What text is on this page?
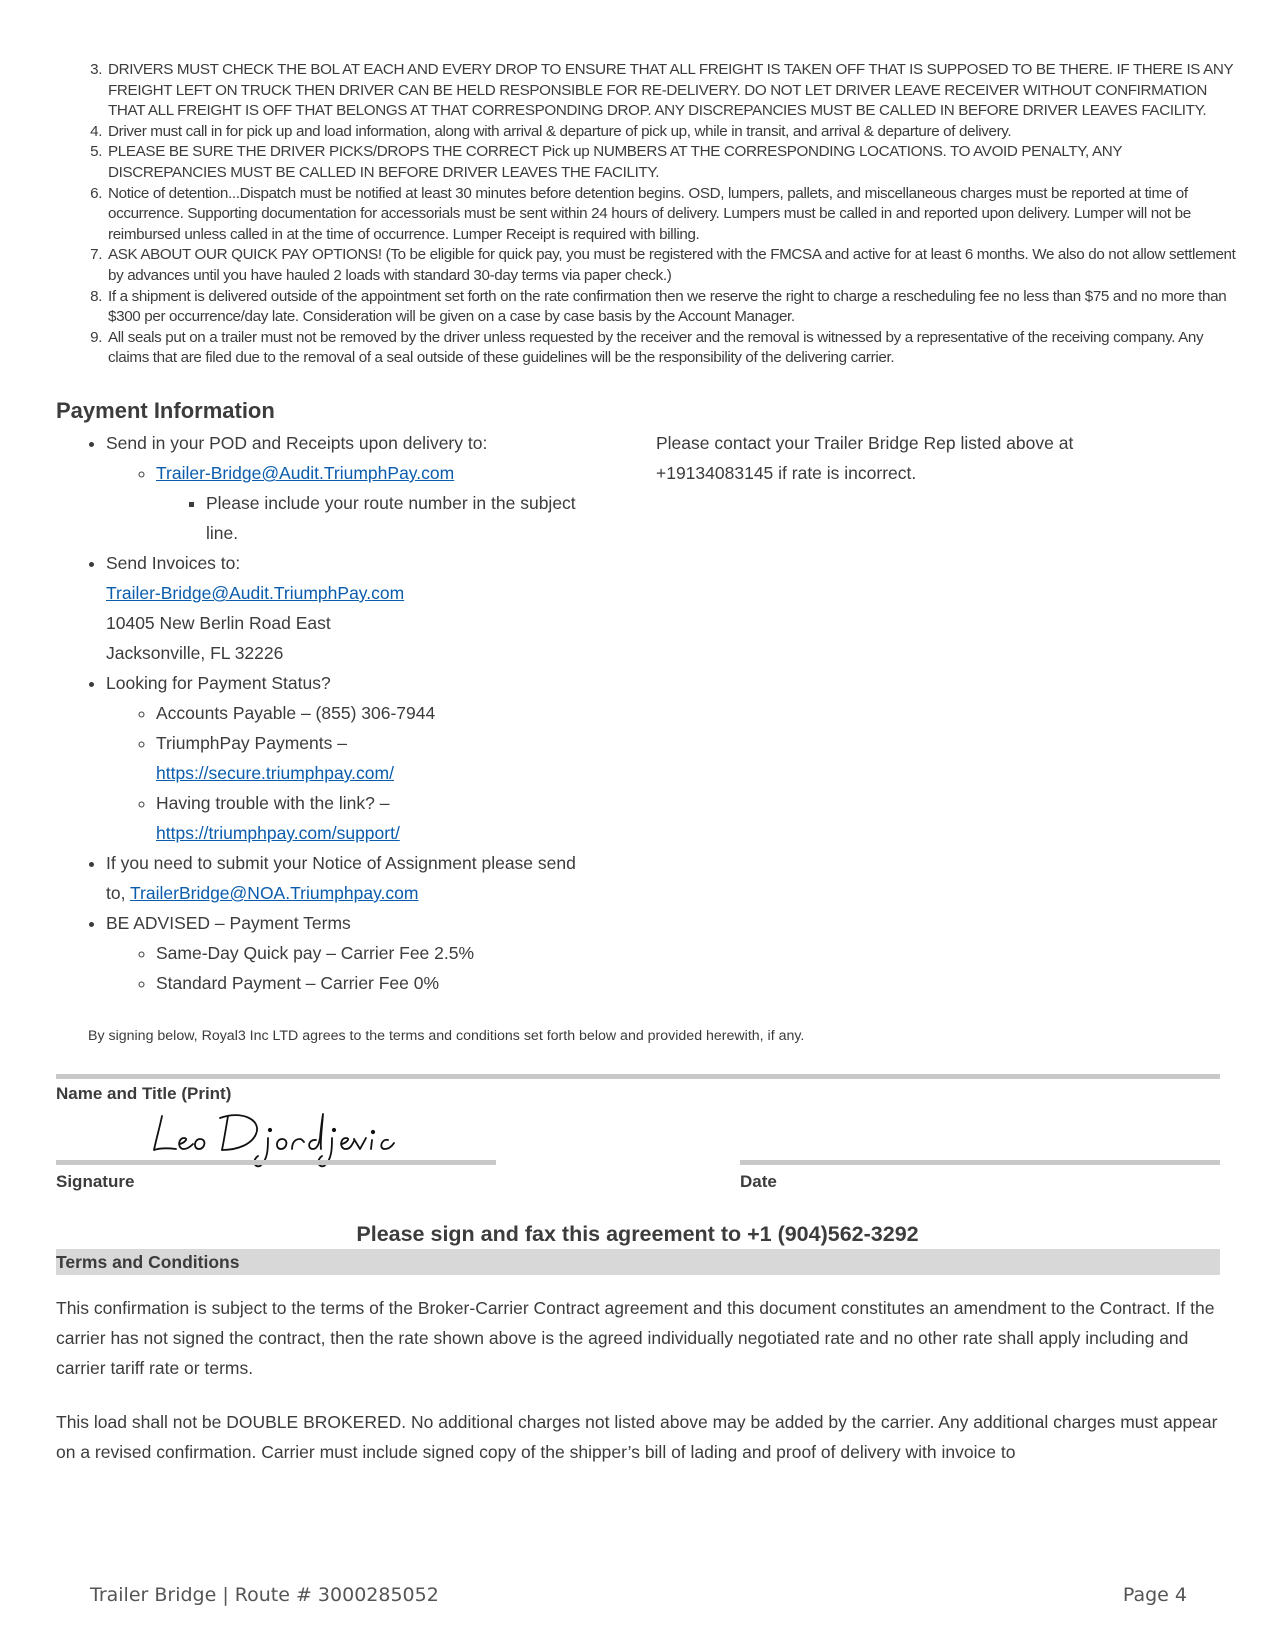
3. DRIVERS MUST CHECK THE BOL AT EACH AND EVERY DROP TO ENSURE THAT ALL FREIGHT IS TAKEN OFF THAT IS SUPPOSED TO BE THERE. IF THERE IS ANY FREIGHT LEFT ON TRUCK THEN DRIVER CAN BE HELD RESPONSIBLE FOR RE-DELIVERY. DO NOT LET DRIVER LEAVE RECEIVER WITHOUT CONFIRMATION THAT ALL FREIGHT IS OFF THAT BELONGS AT THAT CORRESPONDING DROP. ANY DISCREPANCIES MUST BE CALLED IN BEFORE DRIVER LEAVES FACILITY.
4. Driver must call in for pick up and load information, along with arrival & departure of pick up, while in transit, and arrival & departure of delivery.
5. PLEASE BE SURE THE DRIVER PICKS/DROPS THE CORRECT Pick up NUMBERS AT THE CORRESPONDING LOCATIONS. TO AVOID PENALTY, ANY DISCREPANCIES MUST BE CALLED IN BEFORE DRIVER LEAVES THE FACILITY.
6. Notice of detention...Dispatch must be notified at least 30 minutes before detention begins. OSD, lumpers, pallets, and miscellaneous charges must be reported at time of occurrence. Supporting documentation for accessorials must be sent within 24 hours of delivery. Lumpers must be called in and reported upon delivery. Lumper will not be reimbursed unless called in at the time of occurrence. Lumper Receipt is required with billing.
7. ASK ABOUT OUR QUICK PAY OPTIONS! (To be eligible for quick pay, you must be registered with the FMCSA and active for at least 6 months. We also do not allow settlement by advances until you have hauled 2 loads with standard 30-day terms via paper check.)
8. If a shipment is delivered outside of the appointment set forth on the rate confirmation then we reserve the right to charge a rescheduling fee no less than $75 and no more than $300 per occurrence/day late. Consideration will be given on a case by case basis by the Account Manager.
9. All seals put on a trailer must not be removed by the driver unless requested by the receiver and the removal is witnessed by a representative of the receiving company. Any claims that are filed due to the removal of a seal outside of these guidelines will be the responsibility of the delivering carrier.
Payment Information
• Send in your POD and Receipts upon delivery to:
◦ Trailer-Bridge@Audit.TriumphPay.com
▪ Please include your route number in the subject line.
• Send Invoices to:
Trailer-Bridge@Audit.TriumphPay.com
10405 New Berlin Road East
Jacksonville, FL 32226
• Looking for Payment Status?
◦ Accounts Payable – (855) 306-7944
◦ TriumphPay Payments –
https://secure.triumphpay.com/
◦ Having trouble with the link? –
https://triumphpay.com/support/
• If you need to submit your Notice of Assignment please send
to, TrailerBridge@NOA.Triumphpay.com
• BE ADVISED – Payment Terms
◦ Same-Day Quick pay – Carrier Fee 2.5%
◦ Standard Payment – Carrier Fee 0%
Please contact your Trailer Bridge Rep listed above at
+19134083145 if rate is incorrect.
By signing below, Royal3 Inc LTD agrees to the terms and conditions set forth below and provided herewith, if any.
Name and Title (Print)
Signature	Date
Please sign and fax this agreement to +1 (904)562-3292
Terms and Conditions

This confirmation is subject to the terms of the Broker-Carrier Contract agreement and this document constitutes an amendment to the Contract. If the carrier has not signed the contract, then the rate shown above is the agreed individually negotiated rate and no other rate shall apply including and carrier tariff rate or terms.

This load shall not be DOUBLE BROKERED. No additional charges not listed above may be added by the carrier. Any additional charges must appear on a revised confirmation. Carrier must include signed copy of the shipper’s bill of lading and proof of delivery with invoice to

Trailer Bridge | Route # 3000285052	Page 4
